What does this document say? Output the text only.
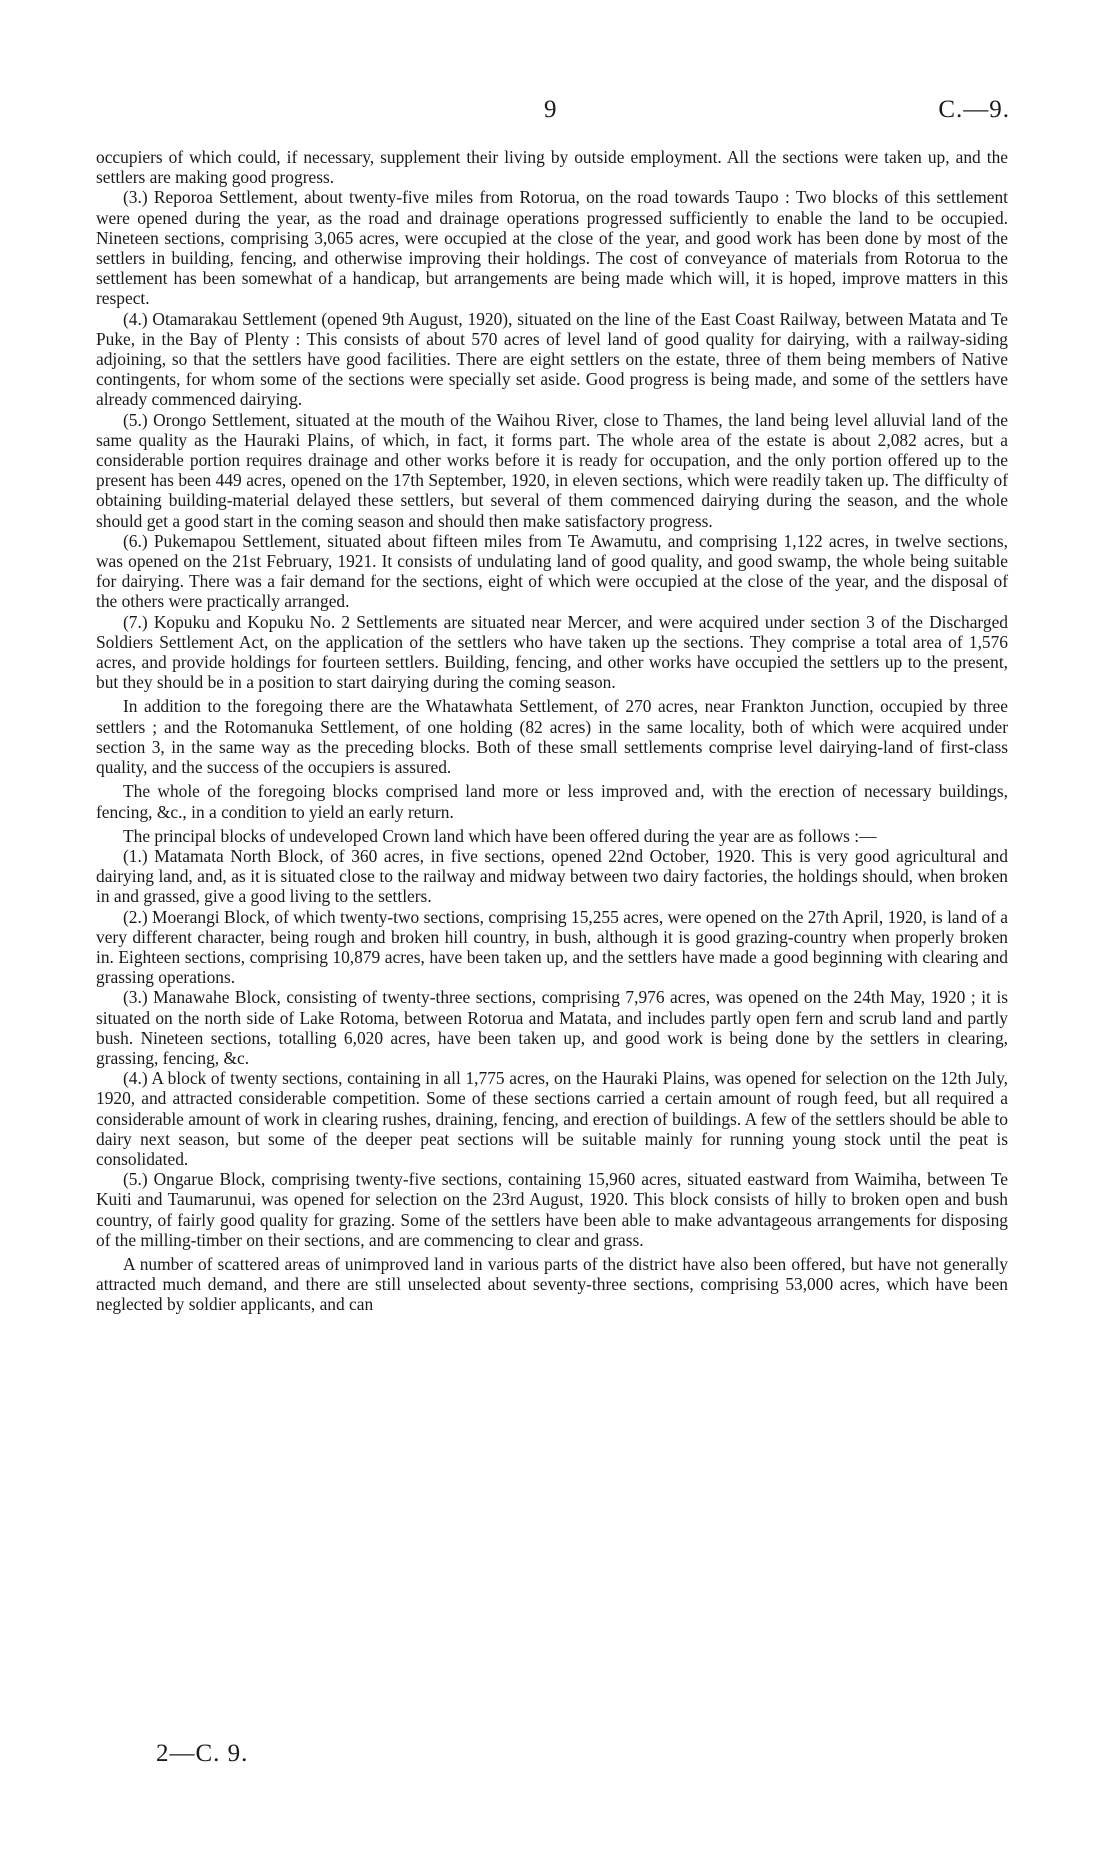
9	C.—9.

occupiers of which could, if necessary, supplement their living by outside employment. All the sections were taken up, and the settlers are making good progress.

(3.) Reporoa Settlement, about twenty-five miles from Rotorua, on the road towards Taupo : Two blocks of this settlement were opened during the year, as the road and drainage operations progressed sufficiently to enable the land to be occupied. Nineteen sections, comprising 3,065 acres, were occupied at the close of the year, and good work has been done by most of the settlers in building, fencing, and otherwise improving their holdings. The cost of conveyance of materials from Rotorua to the settlement has been somewhat of a handicap, but arrangements are being made which will, it is hoped, improve matters in this respect.

(4.) Otamarakau Settlement (opened 9th August, 1920), situated on the line of the East Coast Railway, between Matata and Te Puke, in the Bay of Plenty : This consists of about 570 acres of level land of good quality for dairying, with a railway-siding adjoining, so that the settlers have good facilities. There are eight settlers on the estate, three of them being members of Native contingents, for whom some of the sections were specially set aside. Good progress is being made, and some of the settlers have already commenced dairying.

(5.) Orongo Settlement, situated at the mouth of the Waihou River, close to Thames, the land being level alluvial land of the same quality as the Hauraki Plains, of which, in fact, it forms part. The whole area of the estate is about 2,082 acres, but a considerable portion requires drainage and other works before it is ready for occupation, and the only portion offered up to the present has been 449 acres, opened on the 17th September, 1920, in eleven sections, which were readily taken up. The difficulty of obtaining building-material delayed these settlers, but several of them commenced dairying during the season, and the whole should get a good start in the coming season and should then make satisfactory progress.

(6.) Pukemapou Settlement, situated about fifteen miles from Te Awamutu, and comprising 1,122 acres, in twelve sections, was opened on the 21st February, 1921. It consists of undulating land of good quality, and good swamp, the whole being suitable for dairying. There was a fair demand for the sections, eight of which were occupied at the close of the year, and the disposal of the others were practically arranged.

(7.) Kopuku and Kopuku No. 2 Settlements are situated near Mercer, and were acquired under section 3 of the Discharged Soldiers Settlement Act, on the application of the settlers who have taken up the sections. They comprise a total area of 1,576 acres, and provide holdings for fourteen settlers. Building, fencing, and other works have occupied the settlers up to the present, but they should be in a position to start dairying during the coming season.

In addition to the foregoing there are the Whatawhata Settlement, of 270 acres, near Frankton Junction, occupied by three settlers ; and the Rotomanuka Settlement, of one holding (82 acres) in the same locality, both of which were acquired under section 3, in the same way as the preceding blocks. Both of these small settlements comprise level dairying-land of first-class quality, and the success of the occupiers is assured.

The whole of the foregoing blocks comprised land more or less improved and, with the erection of necessary buildings, fencing, &c., in a condition to yield an early return.

The principal blocks of undeveloped Crown land which have been offered during the year are as follows :—

(1.) Matamata North Block, of 360 acres, in five sections, opened 22nd October, 1920. This is very good agricultural and dairying land, and, as it is situated close to the railway and midway between two dairy factories, the holdings should, when broken in and grassed, give a good living to the settlers.

(2.) Moerangi Block, of which twenty-two sections, comprising 15,255 acres, were opened on the 27th April, 1920, is land of a very different character, being rough and broken hill country, in bush, although it is good grazing-country when properly broken in. Eighteen sections, comprising 10,879 acres, have been taken up, and the settlers have made a good beginning with clearing and grassing operations.

(3.) Manawahe Block, consisting of twenty-three sections, comprising 7,976 acres, was opened on the 24th May, 1920 ; it is situated on the north side of Lake Rotoma, between Rotorua and Matata, and includes partly open fern and scrub land and partly bush. Nineteen sections, totalling 6,020 acres, have been taken up, and good work is being done by the settlers in clearing, grassing, fencing, &c.

(4.) A block of twenty sections, containing in all 1,775 acres, on the Hauraki Plains, was opened for selection on the 12th July, 1920, and attracted considerable competition. Some of these sections carried a certain amount of rough feed, but all required a considerable amount of work in clearing rushes, draining, fencing, and erection of buildings. A few of the settlers should be able to dairy next season, but some of the deeper peat sections will be suitable mainly for running young stock until the peat is consolidated.

(5.) Ongarue Block, comprising twenty-five sections, containing 15,960 acres, situated eastward from Waimiha, between Te Kuiti and Taumarunui, was opened for selection on the 23rd August, 1920. This block consists of hilly to broken open and bush country, of fairly good quality for grazing. Some of the settlers have been able to make advantageous arrangements for disposing of the milling-timber on their sections, and are commencing to clear and grass.

A number of scattered areas of unimproved land in various parts of the district have also been offered, but have not generally attracted much demand, and there are still unselected about seventy-three sections, comprising 53,000 acres, which have been neglected by soldier applicants, and can

2—C. 9.
